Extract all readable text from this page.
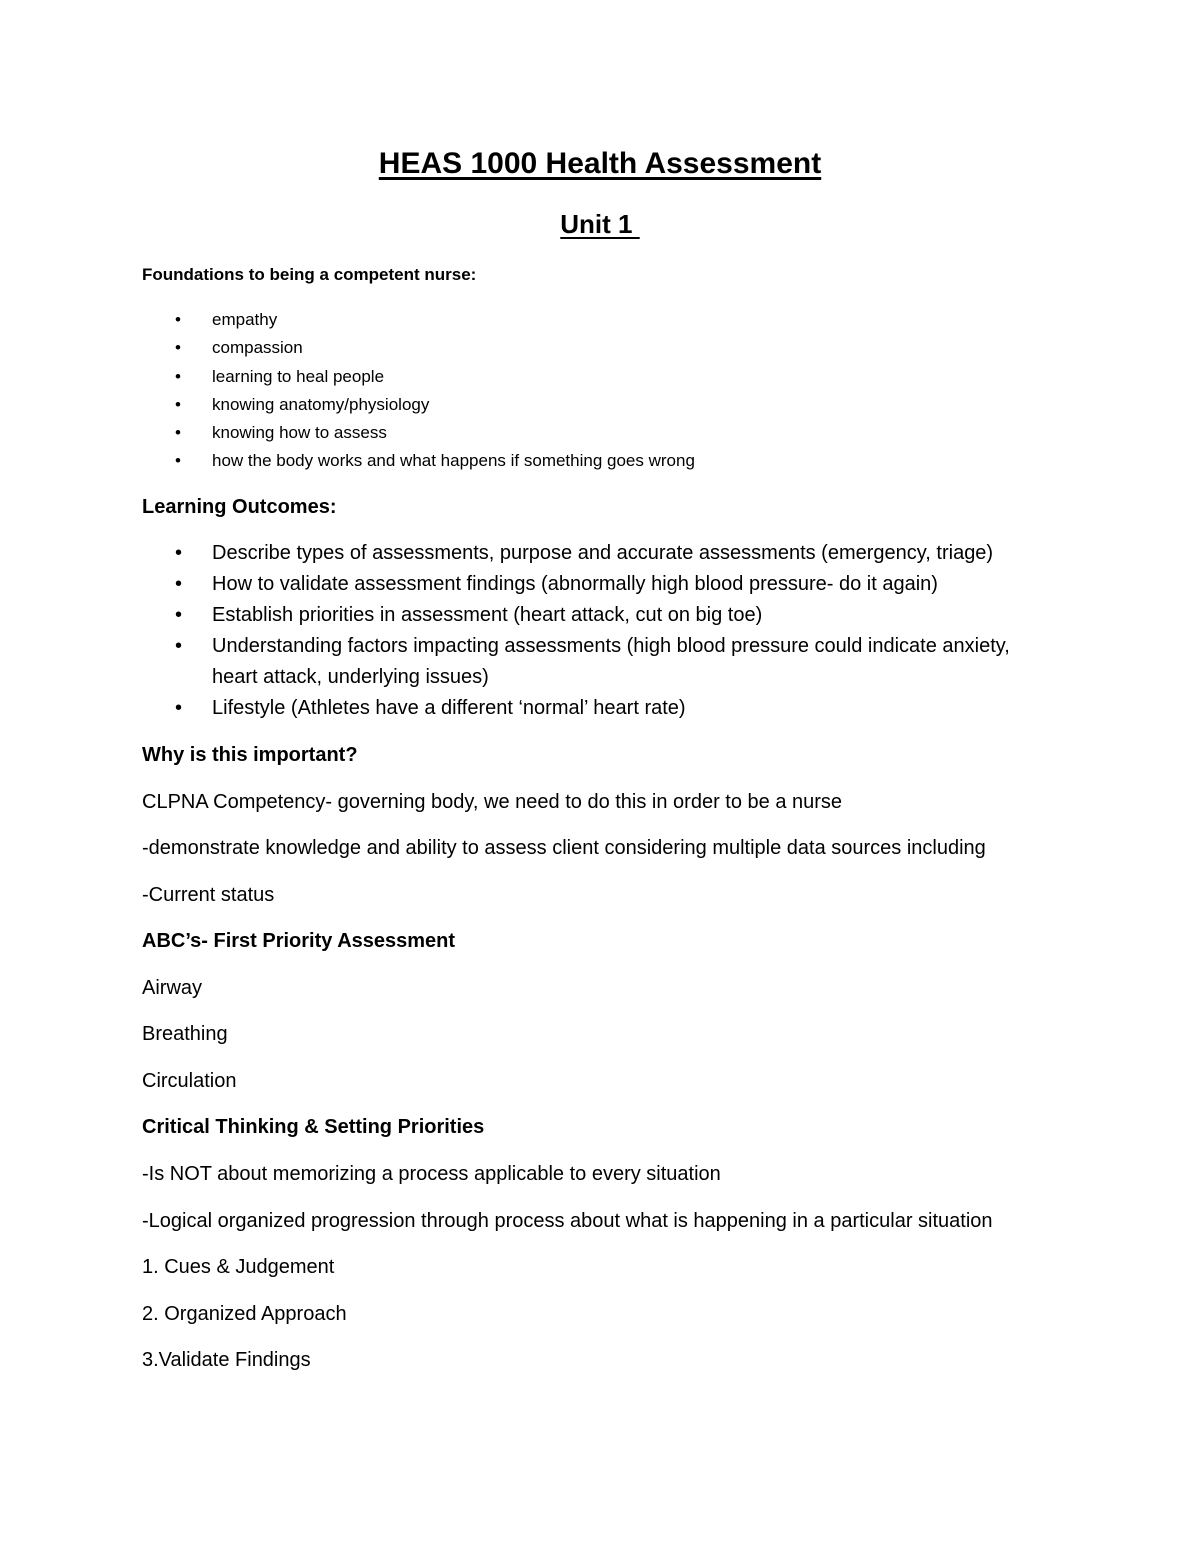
HEAS 1000 Health Assessment
Unit 1

Foundations to being a competent nurse:

• empathy
• compassion
• learning to heal people
• knowing anatomy/physiology
• knowing how to assess
• how the body works and what happens if something goes wrong

Learning Outcomes:

• Describe types of assessments, purpose and accurate assessments (emergency, triage)
• How to validate assessment findings (abnormally high blood pressure- do it again)
• Establish priorities in assessment (heart attack, cut on big toe)
• Understanding factors impacting assessments (high blood pressure could indicate anxiety, heart attack, underlying issues)
• Lifestyle (Athletes have a different ‘normal’ heart rate)

Why is this important?

CLPNA Competency- governing body, we need to do this in order to be a nurse

-demonstrate knowledge and ability to assess client considering multiple data sources including

-Current status

ABC’s- First Priority Assessment

Airway

Breathing

Circulation

Critical Thinking & Setting Priorities

-Is NOT about memorizing a process applicable to every situation

-Logical organized progression through process about what is happening in a particular situation

1. Cues & Judgement

2. Organized Approach

3.Validate Findings
